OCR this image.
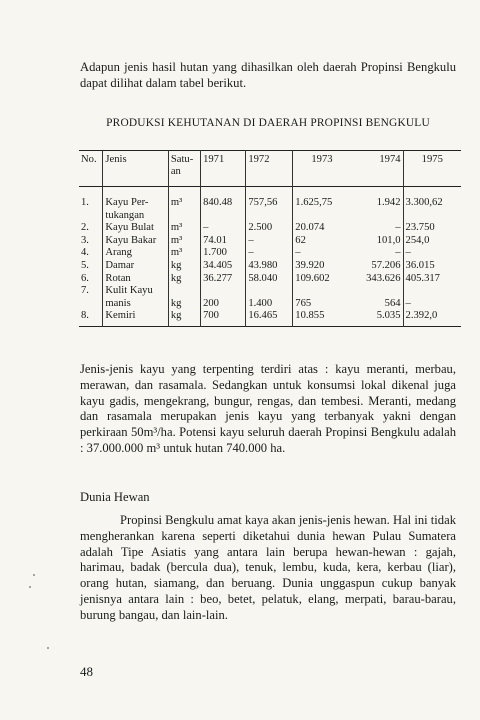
Adapun jenis hasil hutan yang dihasilkan oleh daerah Propinsi Bengkulu dapat dilihat dalam tabel berikut.

PRODUKSI KEHUTANAN DI DAERAH PROPINSI BENGKULU
No.	Jenis	Satu- an	1971	1972	1973	1974	1975
1.	Kayu Per-	m³	840.48	757,56	1.625,75	1.942	3.300,62
	tukangan						
2.	Kayu Bulat	m³	–	2.500	20.074	–	23.750
3.	Kayu Bakar	m³	74.01	–	62	101,0	254,0
4.	Arang	m³	1.700	–	–	–	–
5.	Damar	kg	34.405	43.980	39.920	57.206	36.015
6.	Rotan	kg	36.277	58.040	109.602	343.626	405.317
7.	Kulit Kayu						
	manis	kg	200	1.400	765	564	–
8.	Kemiri	kg	700	16.465	10.855	5.035	2.392,0

Jenis-jenis kayu yang terpenting terdiri atas : kayu meranti, merbau, merawan, dan rasamala. Sedangkan untuk konsumsi lokal dikenal juga kayu gadis, mengekrang, bungur, rengas, dan tembesi. Meranti, medang dan rasamala merupakan jenis kayu yang terbanyak yakni dengan perkiraan 50m³/ha. Potensi kayu seluruh daerah Propinsi Bengkulu adalah : 37.000.000 m³ untuk hutan 740.000 ha.

Dunia Hewan

Propinsi Bengkulu amat kaya akan jenis-jenis hewan. Hal ini tidak mengherankan karena seperti diketahui dunia hewan Pulau Sumatera adalah Tipe Asiatis yang antara lain berupa hewan-hewan : gajah, harimau, badak (bercula dua), tenuk, lembu, kuda, kera, kerbau (liar), orang hutan, siamang, dan beruang. Dunia unggaspun cukup banyak jenisnya antara lain : beo, betet, pelatuk, elang, merpati, barau-barau, burung bangau, dan lain-lain.

48
